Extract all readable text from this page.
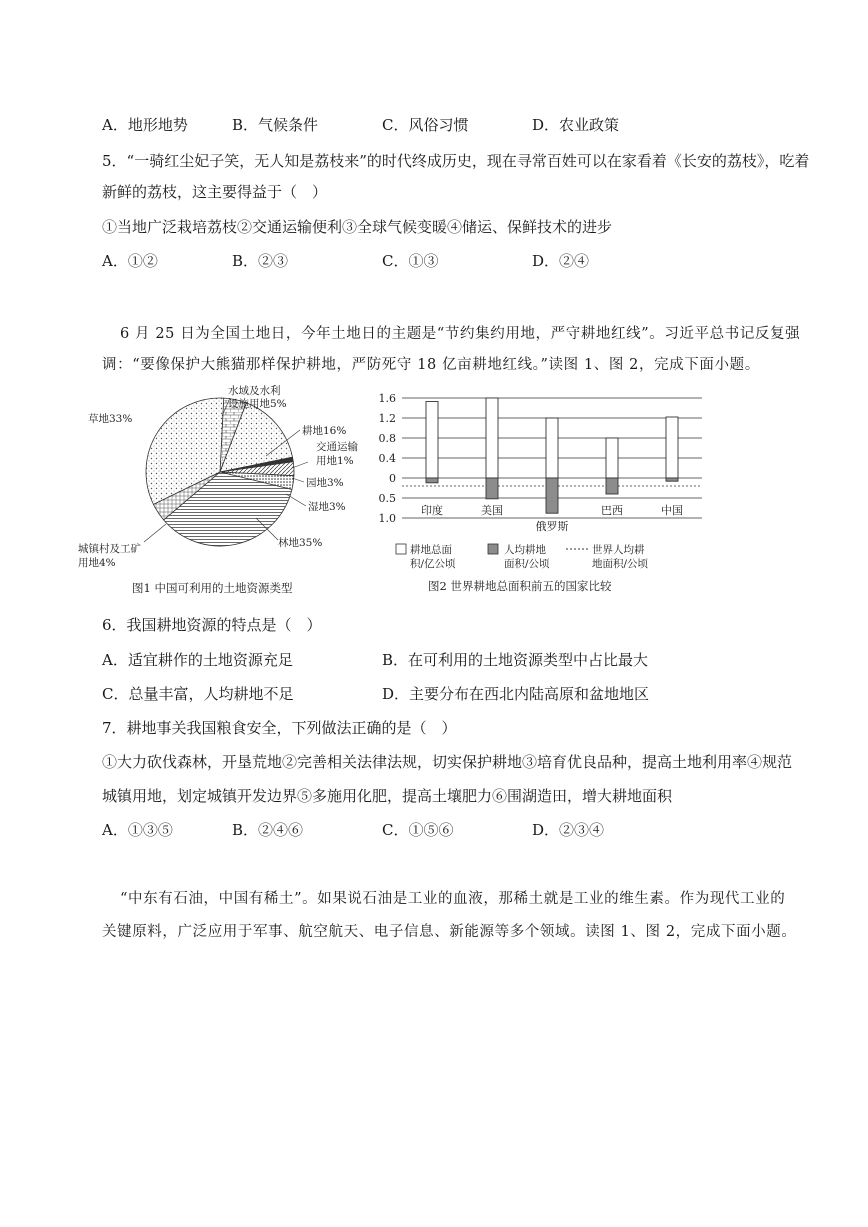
A．地形地势	B．气候条件	C．风俗习惯	D．农业政策
5．“一骑红尘妃子笑，无人知是荔枝来”的时代终成历史，现在寻常百姓可以在家看着《长安的荔枝》，吃着
新鲜的荔枝，这主要得益于（　）
①当地广泛栽培荔枝②交通运输便利③全球气候变暖④储运、保鲜技术的进步
A．①②	B．②③	C．①③	D．②④
6 月 25 日为全国土地日，今年土地日的主题是“节约集约用地，严守耕地红线”。习近平总书记反复强
调：“要像保护大熊猫那样保护耕地，严防死守 18 亿亩耕地红线。”读图 1、图 2，完成下面小题。
草地33%
水域及水利
设施用地5%
耕地16%
交通运输
用地1%
园地3%
湿地3%
林地35%
城镇村及工矿
用地4%
图1 中国可利用的土地资源类型
1.6
1.2
0.8
0.4
0
0.5
1.0
印度	美国
俄罗斯
巴西	中国
耕地总面
积/亿公顷
人均耕地
面积/公顷
世界人均耕
地面积/公顷
图2 世界耕地总面积前五的国家比较
6．我国耕地资源的特点是（　）
A．适宜耕作的土地资源充足	B．在可利用的土地资源类型中占比最大
C．总量丰富，人均耕地不足	D．主要分布在西北内陆高原和盆地地区
7．耕地事关我国粮食安全，下列做法正确的是（　）
①大力砍伐森林，开垦荒地②完善相关法律法规，切实保护耕地③培育优良品种，提高土地利用率④规范
城镇用地，划定城镇开发边界⑤多施用化肥，提高土壤肥力⑥围湖造田，增大耕地面积
A．①③⑤	B．②④⑥	C．①⑤⑥	D．②③④
“中东有石油，中国有稀土”。如果说石油是工业的血液，那稀土就是工业的维生素。作为现代工业的
关键原料，广泛应用于军事、航空航天、电子信息、新能源等多个领域。读图 1、图 2，完成下面小题。
